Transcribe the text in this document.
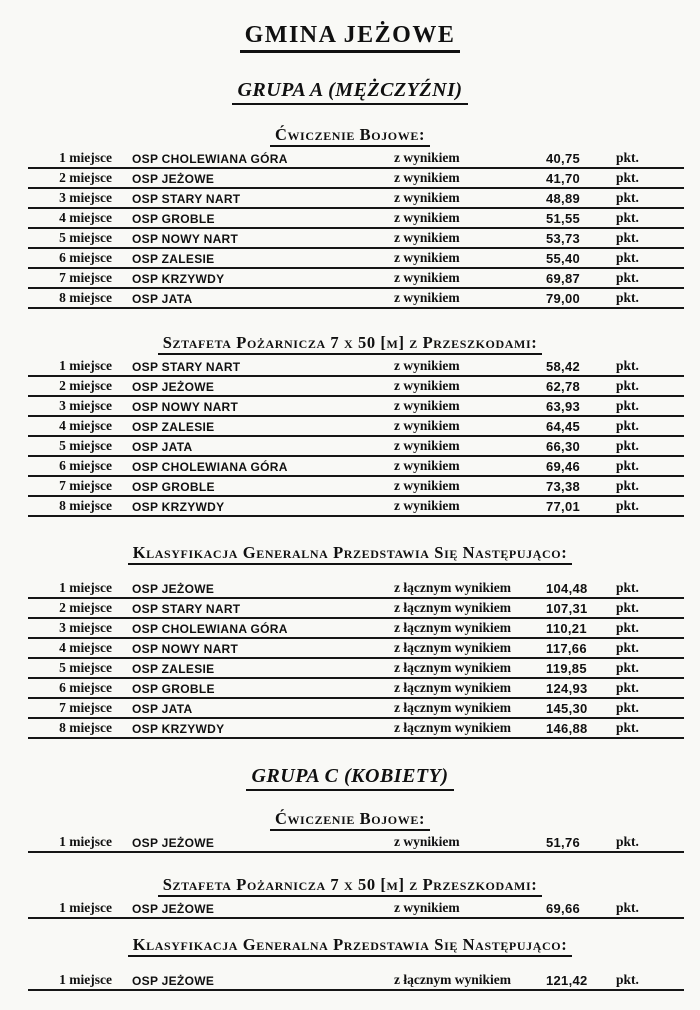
GMINA JEŻOWE
GRUPA A (MĘŻCZYŹNI)
Ćwiczenie Bojowe:
1 miejsce	OSP CHOLEWIANA GÓRA	z wynikiem	40,75	pkt.
2 miejsce	OSP JEŻOWE	z wynikiem	41,70	pkt.
3 miejsce	OSP STARY NART	z wynikiem	48,89	pkt.
4 miejsce	OSP GROBLE	z wynikiem	51,55	pkt.
5 miejsce	OSP NOWY NART	z wynikiem	53,73	pkt.
6 miejsce	OSP ZALESIE	z wynikiem	55,40	pkt.
7 miejsce	OSP KRZYWDY	z wynikiem	69,87	pkt.
8 miejsce	OSP JATA	z wynikiem	79,00	pkt.
Sztafeta Pożarnicza 7 x 50 [m] z Przeszkodami:
1 miejsce	OSP STARY NART	z wynikiem	58,42	pkt.
2 miejsce	OSP JEŻOWE	z wynikiem	62,78	pkt.
3 miejsce	OSP NOWY NART	z wynikiem	63,93	pkt.
4 miejsce	OSP ZALESIE	z wynikiem	64,45	pkt.
5 miejsce	OSP JATA	z wynikiem	66,30	pkt.
6 miejsce	OSP CHOLEWIANA GÓRA	z wynikiem	69,46	pkt.
7 miejsce	OSP GROBLE	z wynikiem	73,38	pkt.
8 miejsce	OSP KRZYWDY	z wynikiem	77,01	pkt.
Klasyfikacja Generalna Przedstawia Się Następująco:
1 miejsce	OSP JEŻOWE	z łącznym wynikiem	104,48	pkt.
2 miejsce	OSP STARY NART	z łącznym wynikiem	107,31	pkt.
3 miejsce	OSP CHOLEWIANA GÓRA	z łącznym wynikiem	110,21	pkt.
4 miejsce	OSP NOWY NART	z łącznym wynikiem	117,66	pkt.
5 miejsce	OSP ZALESIE	z łącznym wynikiem	119,85	pkt.
6 miejsce	OSP GROBLE	z łącznym wynikiem	124,93	pkt.
7 miejsce	OSP JATA	z łącznym wynikiem	145,30	pkt.
8 miejsce	OSP KRZYWDY	z łącznym wynikiem	146,88	pkt.
GRUPA C (KOBIETY)
Ćwiczenie Bojowe:
1 miejsce	OSP JEŻOWE	z wynikiem	51,76	pkt.
Sztafeta Pożarnicza 7 x 50 [m] z Przeszkodami:
1 miejsce	OSP JEŻOWE	z wynikiem	69,66	pkt.
Klasyfikacja Generalna Przedstawia Się Następująco:
1 miejsce	OSP JEŻOWE	z łącznym wynikiem	121,42	pkt.
